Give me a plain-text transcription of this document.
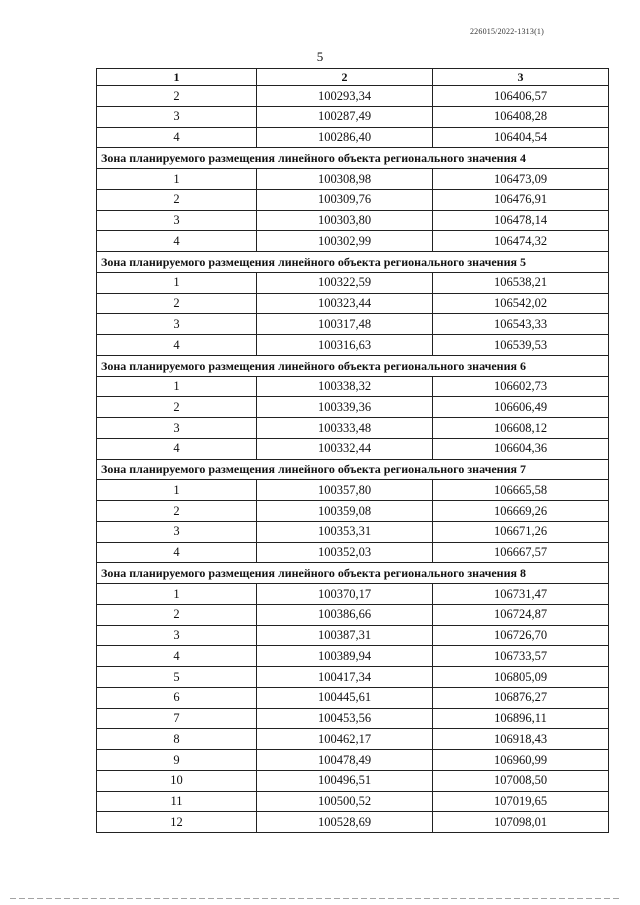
226015/2022-1313(1)
5
1	2	3
2	100293,34	106406,57
3	100287,49	106408,28
4	100286,40	106404,54
Зона планируемого размещения линейного объекта регионального значения 4		
1	100308,98	106473,09
2	100309,76	106476,91
3	100303,80	106478,14
4	100302,99	106474,32
Зона планируемого размещения линейного объекта регионального значения 5		
1	100322,59	106538,21
2	100323,44	106542,02
3	100317,48	106543,33
4	100316,63	106539,53
Зона планируемого размещения линейного объекта регионального значения 6		
1	100338,32	106602,73
2	100339,36	106606,49
3	100333,48	106608,12
4	100332,44	106604,36
Зона планируемого размещения линейного объекта регионального значения 7		
1	100357,80	106665,58
2	100359,08	106669,26
3	100353,31	106671,26
4	100352,03	106667,57
Зона планируемого размещения линейного объекта регионального значения 8		
1	100370,17	106731,47
2	100386,66	106724,87
3	100387,31	106726,70
4	100389,94	106733,57
5	100417,34	106805,09
6	100445,61	106876,27
7	100453,56	106896,11
8	100462,17	106918,43
9	100478,49	106960,99
10	100496,51	107008,50
11	100500,52	107019,65
12	100528,69	107098,01
